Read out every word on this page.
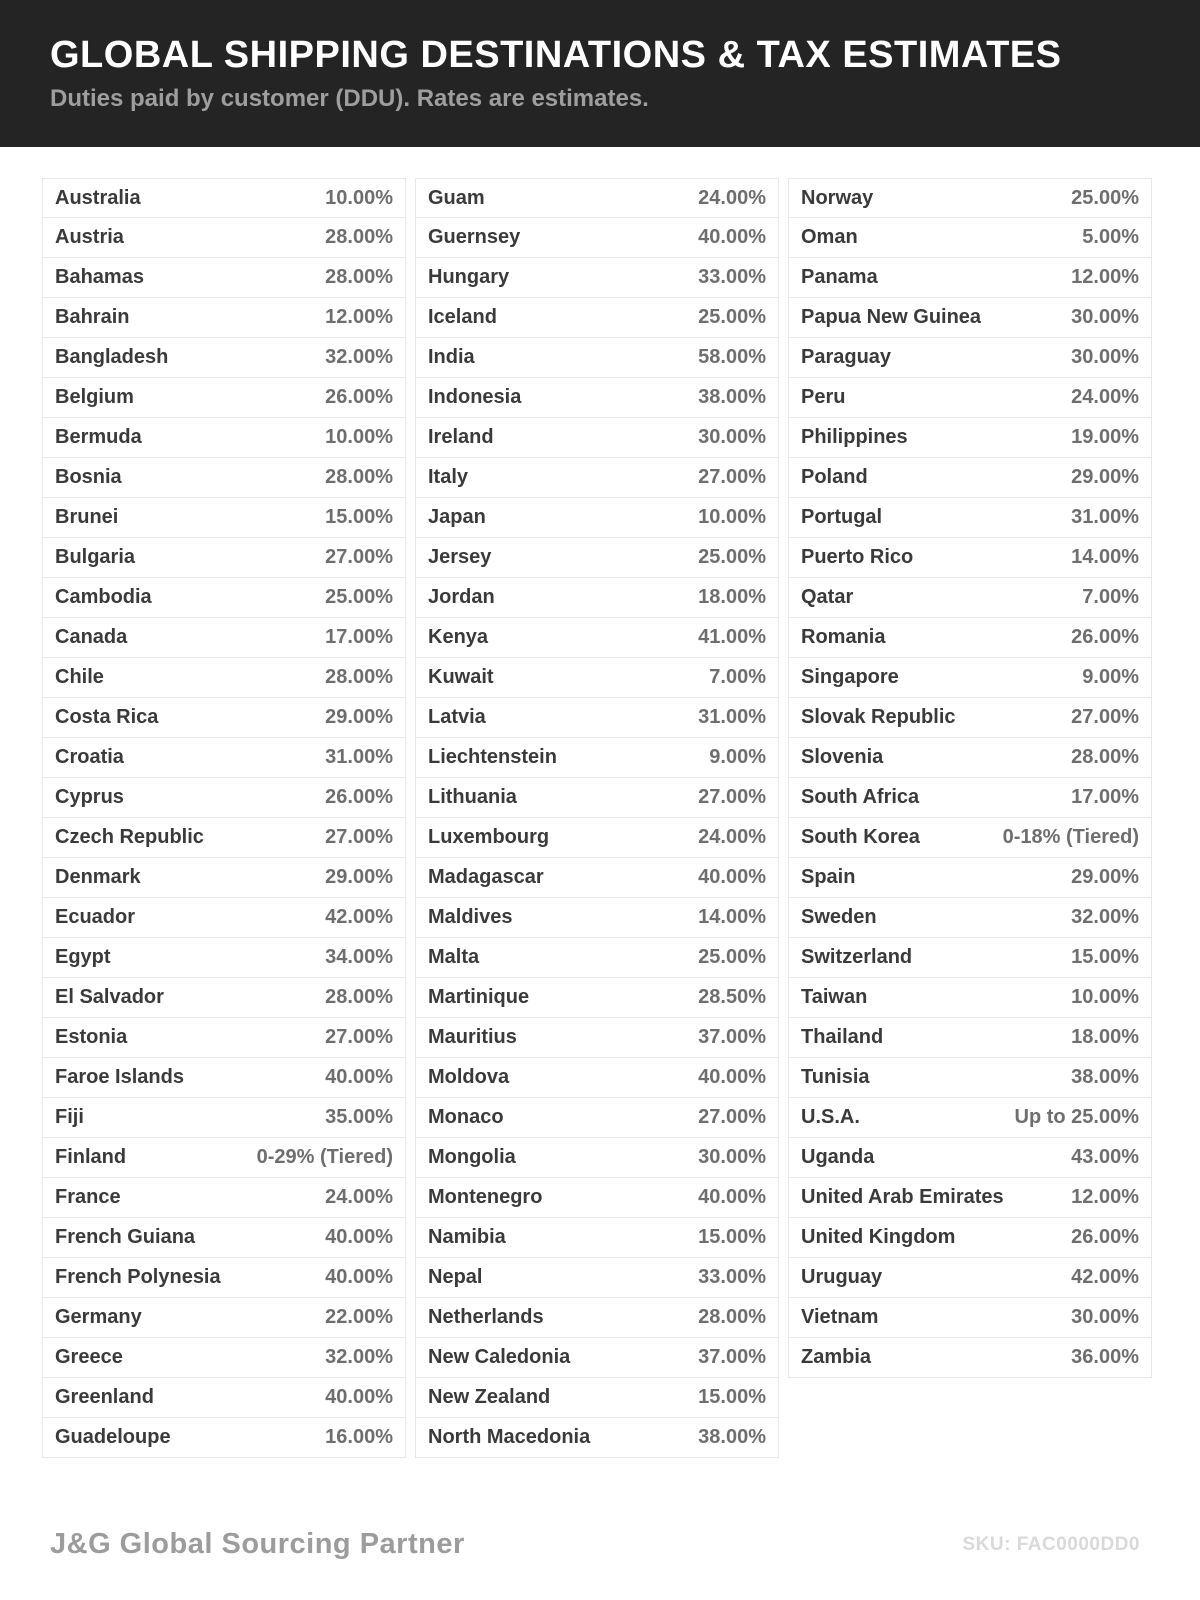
GLOBAL SHIPPING DESTINATIONS & TAX ESTIMATES
Duties paid by customer (DDU). Rates are estimates.
Australia	10.00%
Austria	28.00%
Bahamas	28.00%
Bahrain	12.00%
Bangladesh	32.00%
Belgium	26.00%
Bermuda	10.00%
Bosnia	28.00%
Brunei	15.00%
Bulgaria	27.00%
Cambodia	25.00%
Canada	17.00%
Chile	28.00%
Costa Rica	29.00%
Croatia	31.00%
Cyprus	26.00%
Czech Republic	27.00%
Denmark	29.00%
Ecuador	42.00%
Egypt	34.00%
El Salvador	28.00%
Estonia	27.00%
Faroe Islands	40.00%
Fiji	35.00%
Finland	0-29% (Tiered)
France	24.00%
French Guiana	40.00%
French Polynesia	40.00%
Germany	22.00%
Greece	32.00%
Greenland	40.00%
Guadeloupe	16.00%
Guam	24.00%
Guernsey	40.00%
Hungary	33.00%
Iceland	25.00%
India	58.00%
Indonesia	38.00%
Ireland	30.00%
Italy	27.00%
Japan	10.00%
Jersey	25.00%
Jordan	18.00%
Kenya	41.00%
Kuwait	7.00%
Latvia	31.00%
Liechtenstein	9.00%
Lithuania	27.00%
Luxembourg	24.00%
Madagascar	40.00%
Maldives	14.00%
Malta	25.00%
Martinique	28.50%
Mauritius	37.00%
Moldova	40.00%
Monaco	27.00%
Mongolia	30.00%
Montenegro	40.00%
Namibia	15.00%
Nepal	33.00%
Netherlands	28.00%
New Caledonia	37.00%
New Zealand	15.00%
North Macedonia	38.00%
Norway	25.00%
Oman	5.00%
Panama	12.00%
Papua New Guinea	30.00%
Paraguay	30.00%
Peru	24.00%
Philippines	19.00%
Poland	29.00%
Portugal	31.00%
Puerto Rico	14.00%
Qatar	7.00%
Romania	26.00%
Singapore	9.00%
Slovak Republic	27.00%
Slovenia	28.00%
South Africa	17.00%
South Korea	0-18% (Tiered)
Spain	29.00%
Sweden	32.00%
Switzerland	15.00%
Taiwan	10.00%
Thailand	18.00%
Tunisia	38.00%
U.S.A.	Up to 25.00%
Uganda	43.00%
United Arab Emirates	12.00%
United Kingdom	26.00%
Uruguay	42.00%
Vietnam	30.00%
Zambia	36.00%
J&G Global Sourcing Partner	SKU: FAC0000DD0
